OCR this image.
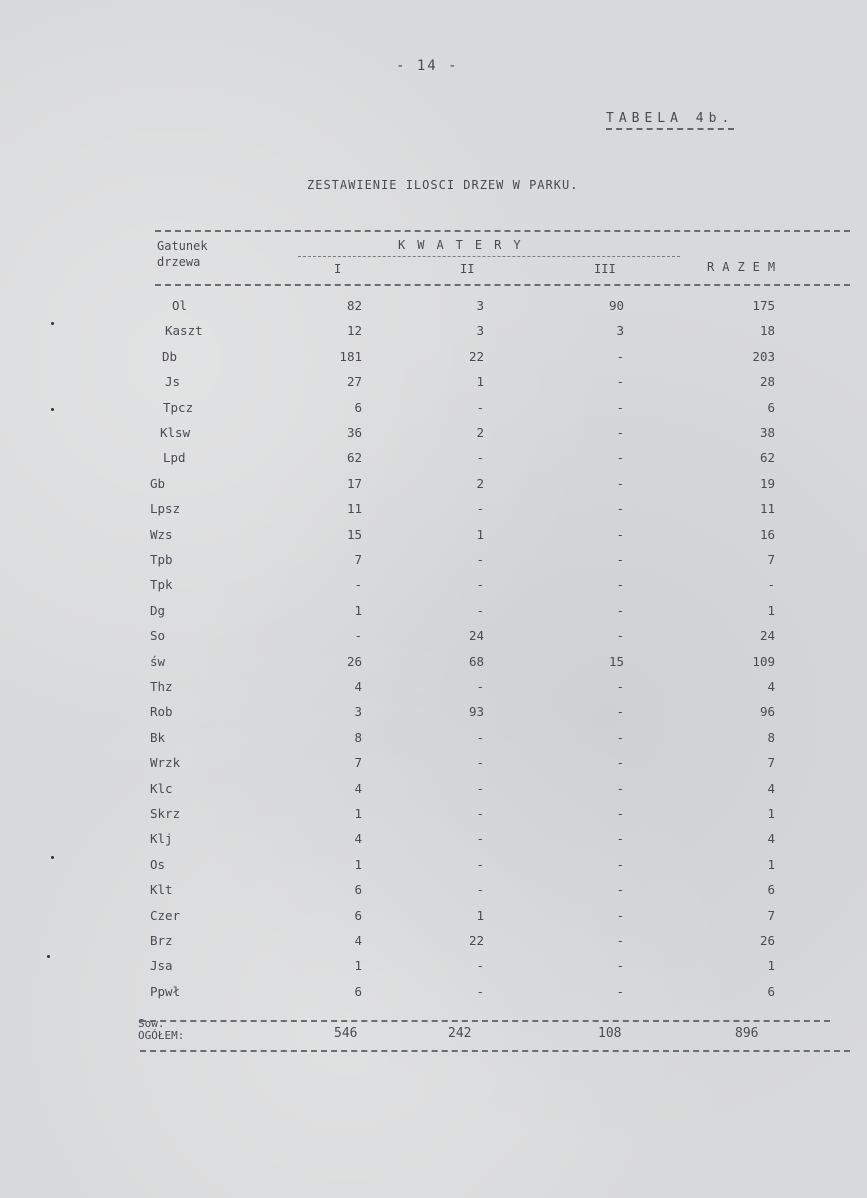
- 14 -
TABELA 4b.
ZESTAWIENIE ILOSCI DRZEW W PARKU.
Gatunek
drzewa
KWATERY
I	II	III	RAZEM
Ol	82	3	90	175
Kaszt	12	3	3	18
Db	181	22	-	203
Js	27	1	-	28
Tpcz	6	-	-	6
Klsw	36	2	-	38
Lpd	62	-	-	62
Gb	17	2	-	19
Lpsz	11	-	-	11
Wzs	15	1	-	16
Tpb	7	-	-	7
Tpk	-	-	-	-
Dg	1	-	-	1
So	-	24	-	24
św	26	68	15	109
Thz	4	-	-	4
Rob	3	93	-	96
Bk	8	-	-	8
Wrzk	7	-	-	7
Klc	4	-	-	4
Skrz	1	-	-	1
Klj	4	-	-	4
Os	1	-	-	1
Klt	6	-	-	6
Czer	6	1	-	7
Brz	4	22	-	26
Jsa	1	-	-	1
Ppwł	6	-	-	6
Sow.
OGÓŁEM:	546	242	108	896
